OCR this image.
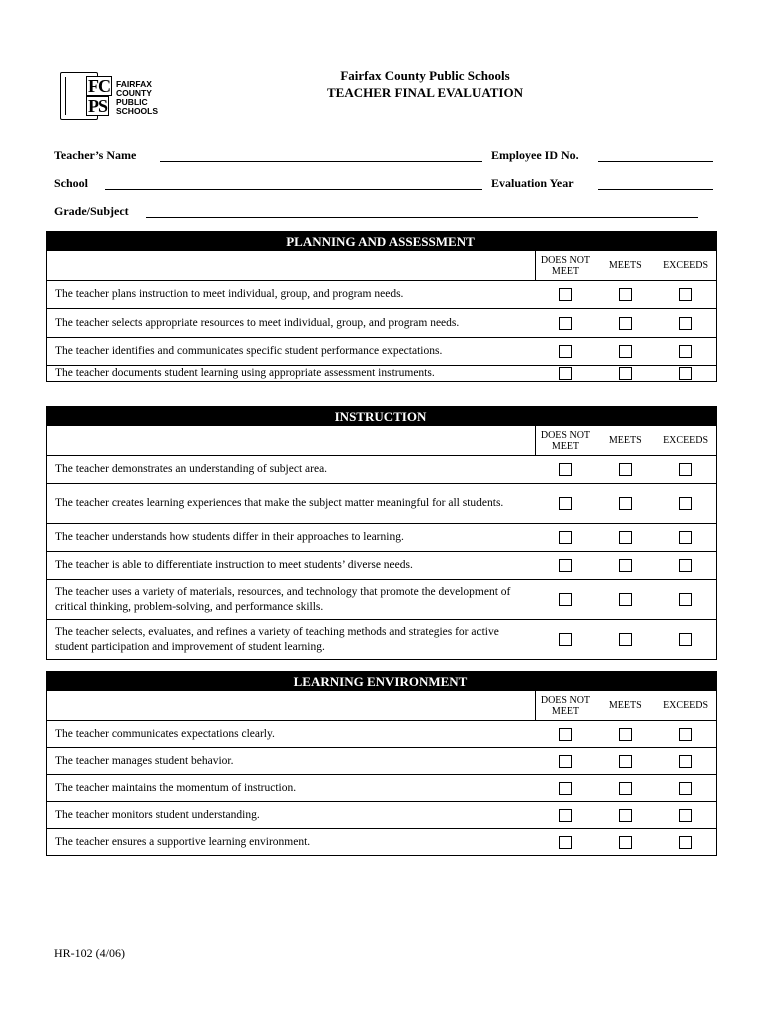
FC
PS
FAIRFAX
COUNTY
PUBLIC
SCHOOLS
Fairfax County Public Schools
TEACHER FINAL EVALUATION
Teacher’s Name	Employee ID No.
School	Evaluation Year
Grade/Subject
PLANNING AND ASSESSMENT
DOES NOT
MEET	MEETS	EXCEEDS
The teacher plans instruction to meet individual, group, and program needs.
The teacher selects appropriate resources to meet individual, group, and program needs.
The teacher identifies and communicates specific student performance expectations.
The teacher documents student learning using appropriate assessment instruments.
INSTRUCTION
DOES NOT
MEET	MEETS	EXCEEDS
The teacher demonstrates an understanding of subject area.
The teacher creates learning experiences that make the subject matter meaningful for all students.
The teacher understands how students differ in their approaches to learning.
The teacher is able to differentiate instruction to meet students’ diverse needs.
The teacher uses a variety of materials, resources, and technology that promote the development of critical thinking, problem-solving, and performance skills.
The teacher selects, evaluates, and refines a variety of teaching methods and strategies for active student participation and improvement of student learning.
LEARNING ENVIRONMENT
DOES NOT
MEET	MEETS	EXCEEDS
The teacher communicates expectations clearly.
The teacher manages student behavior.
The teacher maintains the momentum of instruction.
The teacher monitors student understanding.
The teacher ensures a supportive learning environment.
HR-102 (4/06)
